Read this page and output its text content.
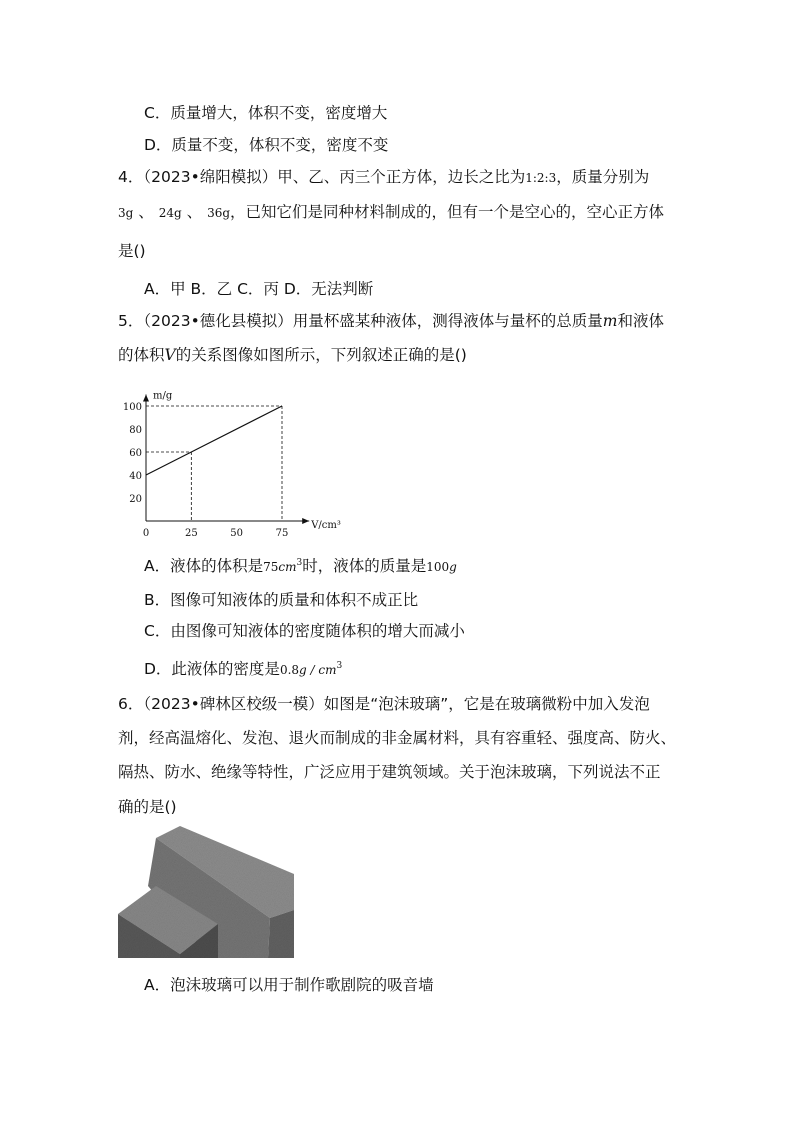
C．质量增大，体积不变，密度增大
D．质量不变，体积不变，密度不变
4．（2023•绵阳模拟）甲、乙、丙三个正方体，边长之比为1:2:3，质量分别为
3g 、 24g 、 36g，已知它们是同种材料制成的，但有一个是空心的，空心正方体
是()
A．甲 B．乙 C．丙 D．无法判断
5．（2023•德化县模拟）用量杯盛某种液体，测得液体与量杯的总质量m和液体
的体积V的关系图像如图所示，下列叙述正确的是()
m/g
V/cm³
20
40
60
80
100
0	25	50	75
A．液体的体积是$75cm^3$时，液体的质量是100g
B．图像可知液体的质量和体积不成正比
C．由图像可知液体的密度随体积的增大而减小
D．此液体的密度是$0.8g / cm^3$
6．（2023•碑林区校级一模）如图是“泡沫玻璃”，它是在玻璃微粉中加入发泡
剂，经高温熔化、发泡、退火而制成的非金属材料，具有容重轻、强度高、防火、
隔热、防水、绝缘等特性，广泛应用于建筑领域。关于泡沫玻璃，下列说法不正
确的是()
A．泡沫玻璃可以用于制作歌剧院的吸音墙
